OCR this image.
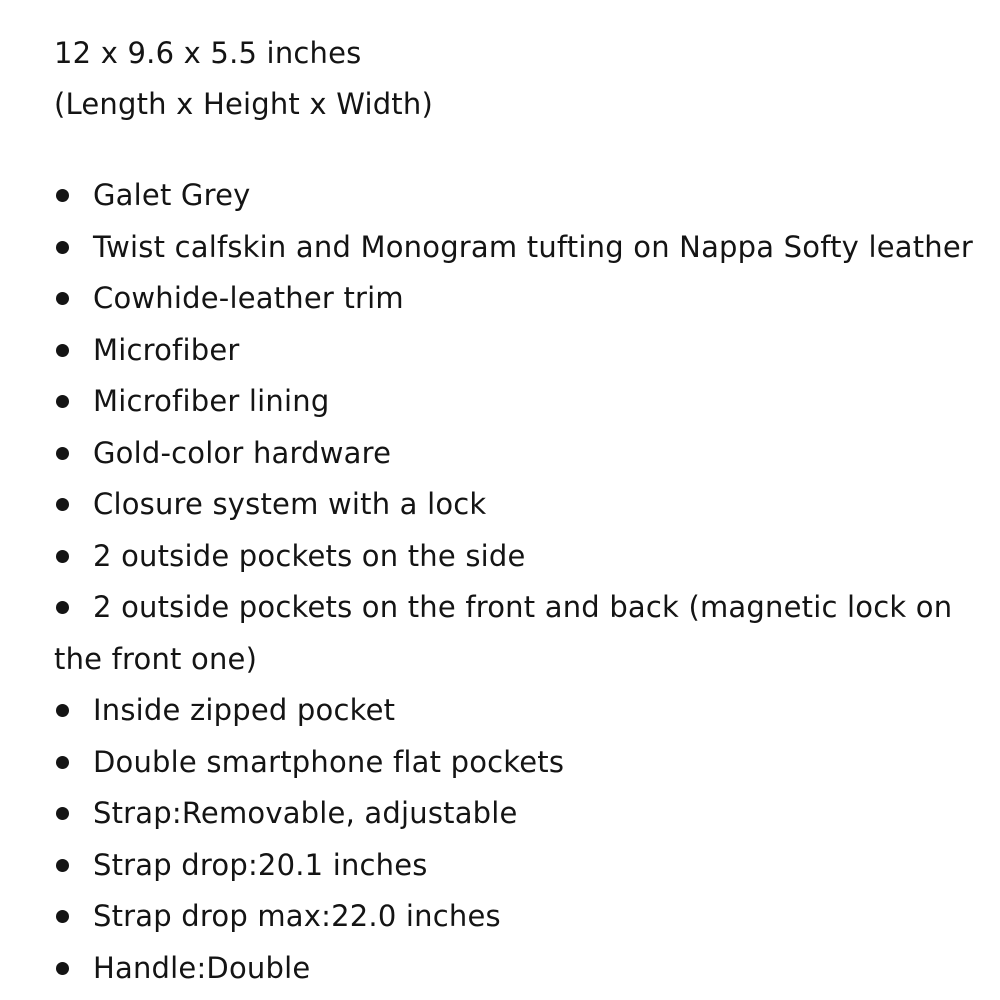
12 x 9.6 x 5.5 inches
(Length x Height x Width)
Galet Grey
Twist calfskin and Monogram tufting on Nappa Softy leather
Cowhide-leather trim
Microfiber
Microfiber lining
Gold-color hardware
Closure system with a lock
2 outside pockets on the side
2 outside pockets on the front and back (magnetic lock on the front one)
Inside zipped pocket
Double smartphone flat pockets
Strap:Removable, adjustable
Strap drop:20.1 inches
Strap drop max:22.0 inches
Handle:Double
